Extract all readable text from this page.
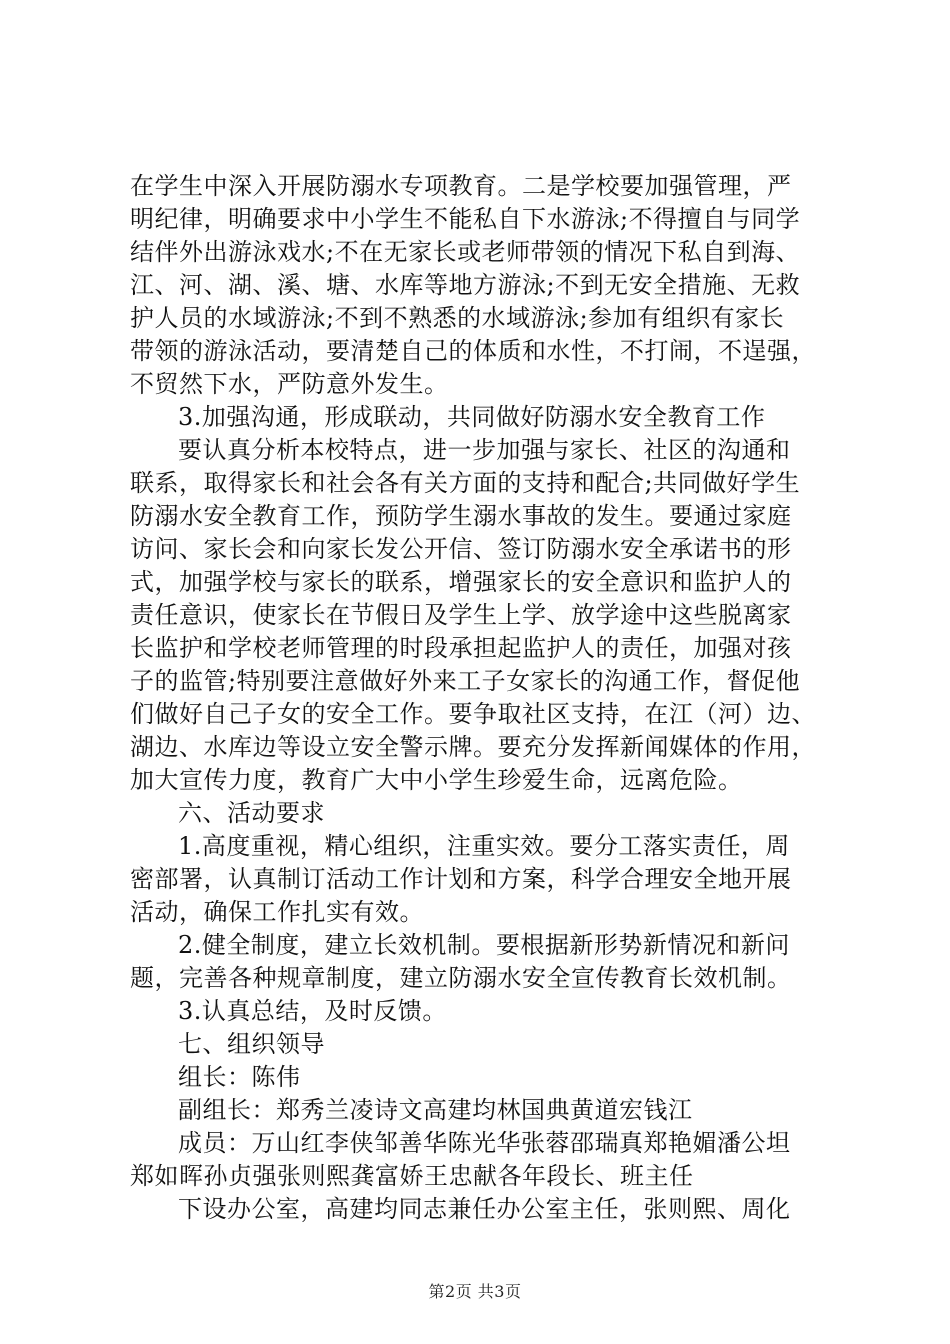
在学生中深入开展防溺水专项教育。二是学校要加强管理，严
明纪律，明确要求中小学生不能私自下水游泳;不得擅自与同学
结伴外出游泳戏水;不在无家长或老师带领的情况下私自到海、
江、河、湖、溪、塘、水库等地方游泳;不到无安全措施、无救
护人员的水域游泳;不到不熟悉的水域游泳;参加有组织有家长
带领的游泳活动，要清楚自己的体质和水性，不打闹，不逞强，
不贸然下水，严防意外发生。
3.加强沟通，形成联动，共同做好防溺水安全教育工作
要认真分析本校特点，进一步加强与家长、社区的沟通和
联系，取得家长和社会各有关方面的支持和配合;共同做好学生
防溺水安全教育工作，预防学生溺水事故的发生。要通过家庭
访问、家长会和向家长发公开信、签订防溺水安全承诺书的形
式，加强学校与家长的联系，增强家长的安全意识和监护人的
责任意识，使家长在节假日及学生上学、放学途中这些脱离家
长监护和学校老师管理的时段承担起监护人的责任，加强对孩
子的监管;特别要注意做好外来工子女家长的沟通工作，督促他
们做好自己子女的安全工作。要争取社区支持，在江（河）边、
湖边、水库边等设立安全警示牌。要充分发挥新闻媒体的作用，
加大宣传力度，教育广大中小学生珍爱生命，远离危险。
六、活动要求
1.高度重视，精心组织，注重实效。要分工落实责任，周
密部署，认真制订活动工作计划和方案，科学合理安全地开展
活动，确保工作扎实有效。
2.健全制度，建立长效机制。要根据新形势新情况和新问
题，完善各种规章制度，建立防溺水安全宣传教育长效机制。
3.认真总结，及时反馈。
七、组织领导
组长：陈伟
副组长：郑秀兰凌诗文高建均林国典黄道宏钱江
成员：万山红李侠邹善华陈光华张蓉邵瑞真郑艳媚潘公坦
郑如晖孙贞强张则熙龚富娇王忠献各年段长、班主任
下设办公室，高建均同志兼任办公室主任，张则熙、周化
第2页 共3页
